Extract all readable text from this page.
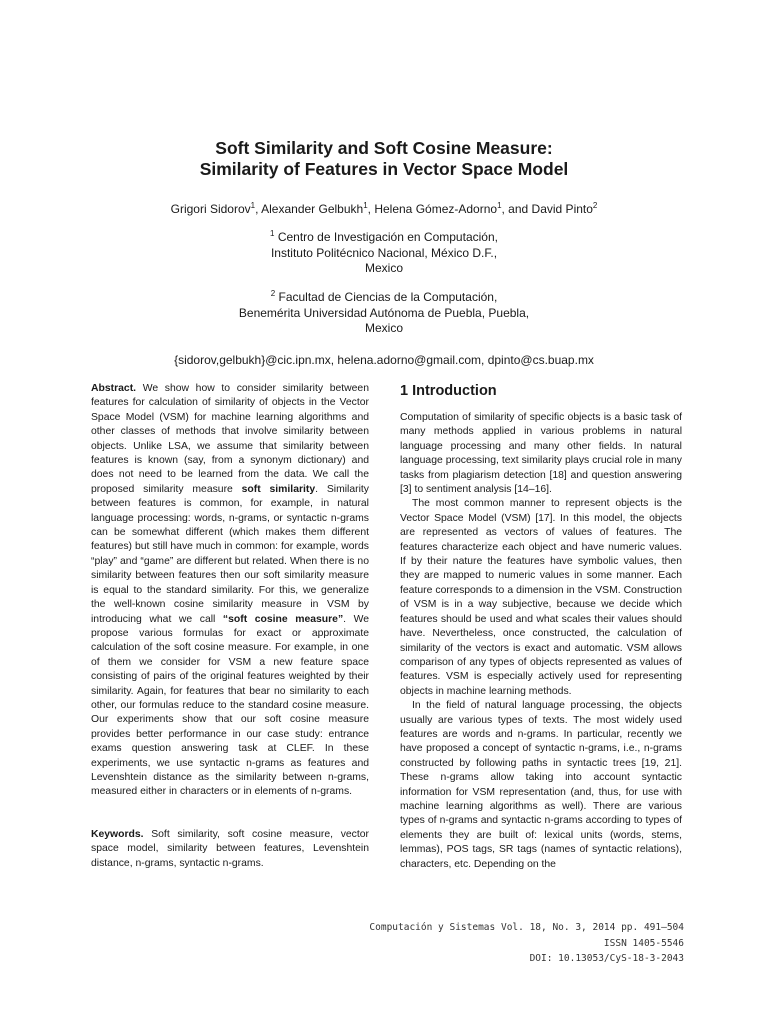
Soft Similarity and Soft Cosine Measure:
Similarity of Features in Vector Space Model
Grigori Sidorov$^1$, Alexander Gelbukh$^1$, Helena Gómez-Adorno$^1$, and David Pinto$^2$
$^1$ Centro de Investigación en Computación,
Instituto Politécnico Nacional, México D.F.,
Mexico
$^2$ Facultad de Ciencias de la Computación,
Benemérita Universidad Autónoma de Puebla, Puebla,
Mexico
{sidorov,gelbukh}@cic.ipn.mx, helena.adorno@gmail.com, dpinto@cs.buap.mx

Abstract. We show how to consider similarity between features for calculation of similarity of objects in the Vector Space Model (VSM) for machine learning algorithms and other classes of methods that involve similarity between objects. Unlike LSA, we assume that similarity between features is known (say, from a synonym dictionary) and does not need to be learned from the data. We call the proposed similarity measure soft similarity. Similarity between features is common, for example, in natural language processing: words, n-grams, or syntactic n-grams can be somewhat different (which makes them different features) but still have much in common: for example, words “play” and “game” are different but related. When there is no similarity between features then our soft similarity measure is equal to the standard similarity. For this, we generalize the well-known cosine similarity measure in VSM by introducing what we call “soft cosine measure”. We propose various formulas for exact or approximate calculation of the soft cosine measure. For example, in one of them we consider for VSM a new feature space consisting of pairs of the original features weighted by their similarity. Again, for features that bear no similarity to each other, our formulas reduce to the standard cosine measure. Our experiments show that our soft cosine measure provides better performance in our case study: entrance exams question answering task at CLEF. In these experiments, we use syntactic n-grams as features and Levenshtein distance as the similarity between n-grams, measured either in characters or in elements of n-grams.

Keywords. Soft similarity, soft cosine measure, vector space model, similarity between features, Levenshtein distance, n-grams, syntactic n-grams.

1 Introduction

Computation of similarity of specific objects is a basic task of many methods applied in various problems in natural language processing and many other fields. In natural language processing, text similarity plays crucial role in many tasks from plagiarism detection [18] and question answering [3] to sentiment analysis [14–16].

The most common manner to represent objects is the Vector Space Model (VSM) [17]. In this model, the objects are represented as vectors of values of features. The features characterize each object and have numeric values. If by their nature the features have symbolic values, then they are mapped to numeric values in some manner. Each feature corresponds to a dimension in the VSM. Construction of VSM is in a way subjective, because we decide which features should be used and what scales their values should have. Nevertheless, once constructed, the calculation of similarity of the vectors is exact and automatic. VSM allows comparison of any types of objects represented as values of features. VSM is especially actively used for representing objects in machine learning methods.

In the field of natural language processing, the objects usually are various types of texts. The most widely used features are words and n-grams. In particular, recently we have proposed a concept of syntactic n-grams, i.e., n-grams constructed by following paths in syntactic trees [19, 21]. These n-grams allow taking into account syntactic information for VSM representation (and, thus, for use with machine learning algorithms as well). There are various types of n-grams and syntactic n-grams according to types of elements they are built of: lexical units (words, stems, lemmas), POS tags, SR tags (names of syntactic relations), characters, etc. Depending on the

Computación y Sistemas Vol. 18, No. 3, 2014 pp. 491–504
ISSN 1405-5546
DOI: 10.13053/CyS-18-3-2043
